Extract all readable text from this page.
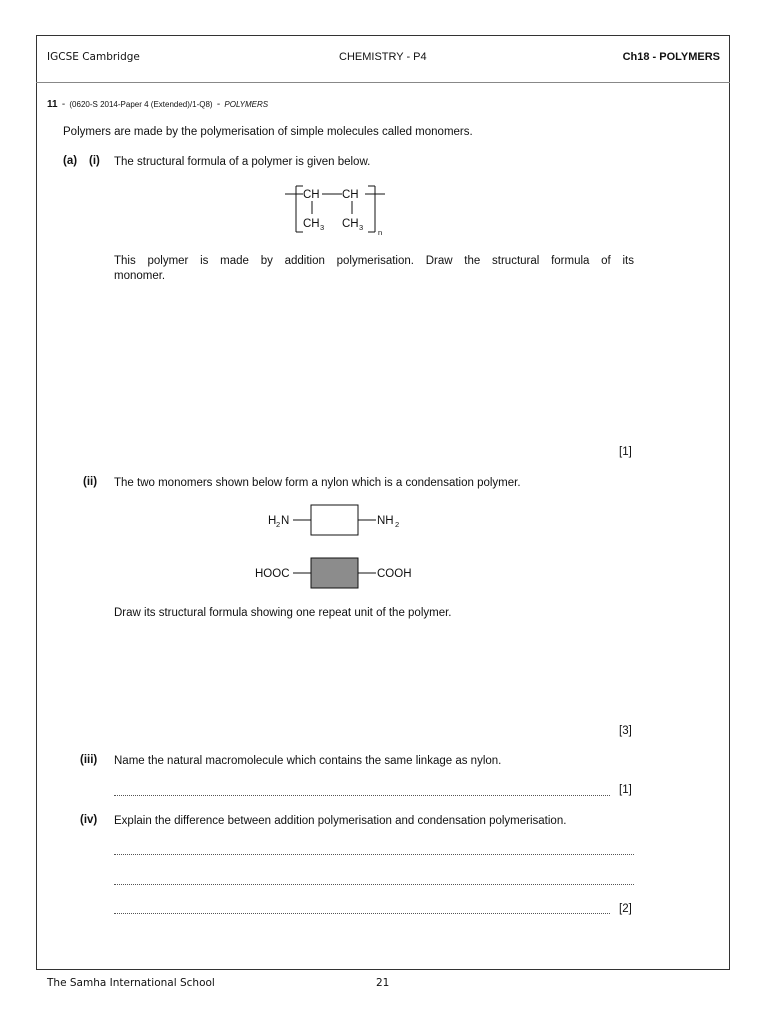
IGCSE Cambridge	CHEMISTRY - P4	Ch18 - POLYMERS
11 - (0620-S 2014-Paper 4 (Extended)/1-Q8) - POLYMERS
Polymers are made by the polymerisation of simple molecules called monomers.
(a) (i) The structural formula of a polymer is given below.
CH CH
CH 3 CH 3
n
This polymer is made by addition polymerisation. Draw the structural formula of its
monomer.
[1]
(ii) The two monomers shown below form a nylon which is a condensation polymer.
H 2 N	NH 2
HOOC	COOH
Draw its structural formula showing one repeat unit of the polymer.
[3]
(iii) Name the natural macromolecule which contains the same linkage as nylon.
[1]
(iv) Explain the difference between addition polymerisation and condensation polymerisation.
[2]
The Samha International School	21
